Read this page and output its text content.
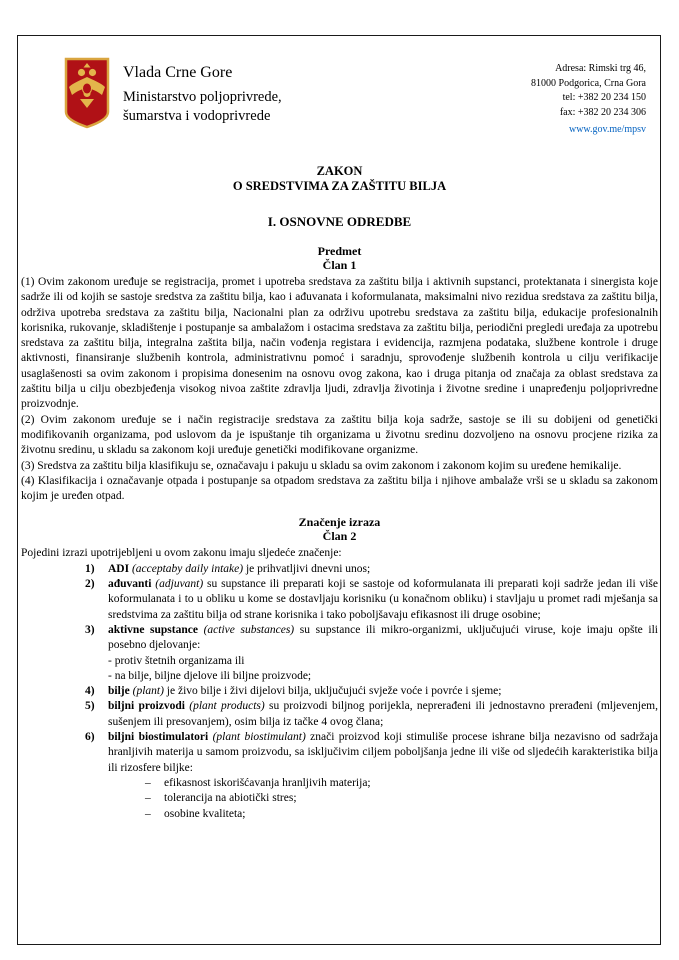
Vlada Crne Gore
Ministarstvo poljoprivrede,
šumarstva i vodoprivrede
Adresa: Rimski trg 46,
81000 Podgorica, Crna Gora
tel: +382 20 234 150
fax: +382 20 234 306
www.gov.me/mpsv
ZAKON
O SREDSTVIMA ZA ZAŠTITU BILJA
I. OSNOVNE ODREDBE
Predmet
Član 1

(1) Ovim zakonom uređuje se registracija, promet i upotreba sredstava za zaštitu bilja i aktivnih supstanci, protektanata i sinergista koje sadrže ili od kojih se sastoje sredstva za zaštitu bilja, kao i ađuvanata i koformulanata, maksimalni nivo rezidua sredstava za zaštitu bilja, održiva upotreba sredstava za zaštitu bilja, Nacionalni plan za održivu upotrebu sredstava za zaštitu bilja, edukacije profesionalnih korisnika, rukovanje, skladištenje i postupanje sa ambalažom i ostacima sredstava za zaštitu bilja, periodični pregledi uređaja za upotrebu sredstava za zaštitu bilja, integralna zaštita bilja, način vođenja registara i evidencija, razmjena podataka, službene kontrole i druge aktivnosti, finansiranje službenih kontrola, administrativnu pomoć i saradnju, sprovođenje službenih kontrola u cilju verifikacije usaglašenosti sa ovim zakonom i propisima donesenim na osnovu ovog zakona, kao i druga pitanja od značaja za oblast sredstava za zaštitu bilja u cilju obezbjeđenja visokog nivoa zaštite zdravlja ljudi, zdravlja životinja i životne sredine i unapređenju poljoprivredne proizvodnje.

(2) Ovim zakonom uređuje se i način registracije sredstava za zaštitu bilja koja sadrže, sastoje se ili su dobijeni od genetički modifikovanih organizama, pod uslovom da je ispuštanje tih organizama u životnu sredinu dozvoljeno na osnovu procjene rizika za životnu sredinu, u skladu sa zakonom koji uređuje genetički modifikovane organizme.

(3) Sredstva za zaštitu bilja klasifikuju se, označavaju i pakuju u skladu sa ovim zakonom i zakonom kojim su uređene hemikalije.

(4) Klasifikacija i označavanje otpada i postupanje sa otpadom sredstava za zaštitu bilja i njihove ambalaže vrši se u skladu sa zakonom kojim je uređen otpad.

Značenje izraza
Član 2

Pojedini izrazi upotrijebljeni u ovom zakonu imaju sljedeće značenje:

1)	ADI (acceptaby daily intake) je prihvatljivi dnevni unos;
2)	ađuvanti (adjuvant) su supstance ili preparati koji se sastoje od koformulanata ili preparati koji sadrže jedan ili više koformulanata i to u obliku u kome se dostavljaju korisniku (u konačnom obliku) i stavljaju u promet radi mješanja sa sredstvima za zaštitu bilja od strane korisnika i tako poboljšavaju efikasnost ili druge osobine;
3)	aktivne supstance (active substances) su supstance ili mikro-organizmi, uključujući viruse, koje imaju opšte ili posebno djelovanje:
- protiv štetnih organizama ili
- na bilje, biljne djelove ili biljne proizvode;
4)	bilje (plant) je živo bilje i živi dijelovi bilja, uključujući svježe voće i povrće i sjeme;
5)	biljni proizvodi (plant products) su proizvodi biljnog porijekla, neprerađeni ili jednostavno prerađeni (mljevenjem, sušenjem ili presovanjem), osim bilja iz tačke 4 ovog člana;
6)	biljni biostimulatori (plant biostimulant) znači proizvod koji stimuliše procese ishrane bilja nezavisno od sadržaja hranljivih materija u samom proizvodu, sa isključivim ciljem poboljšanja jedne ili više od sljedećih karakteristika bilja ili rizosfere biljke:
–	efikasnost iskorišćavanja hranljivih materija;
–	tolerancija na abiotički stres;
–	osobine kvaliteta;
